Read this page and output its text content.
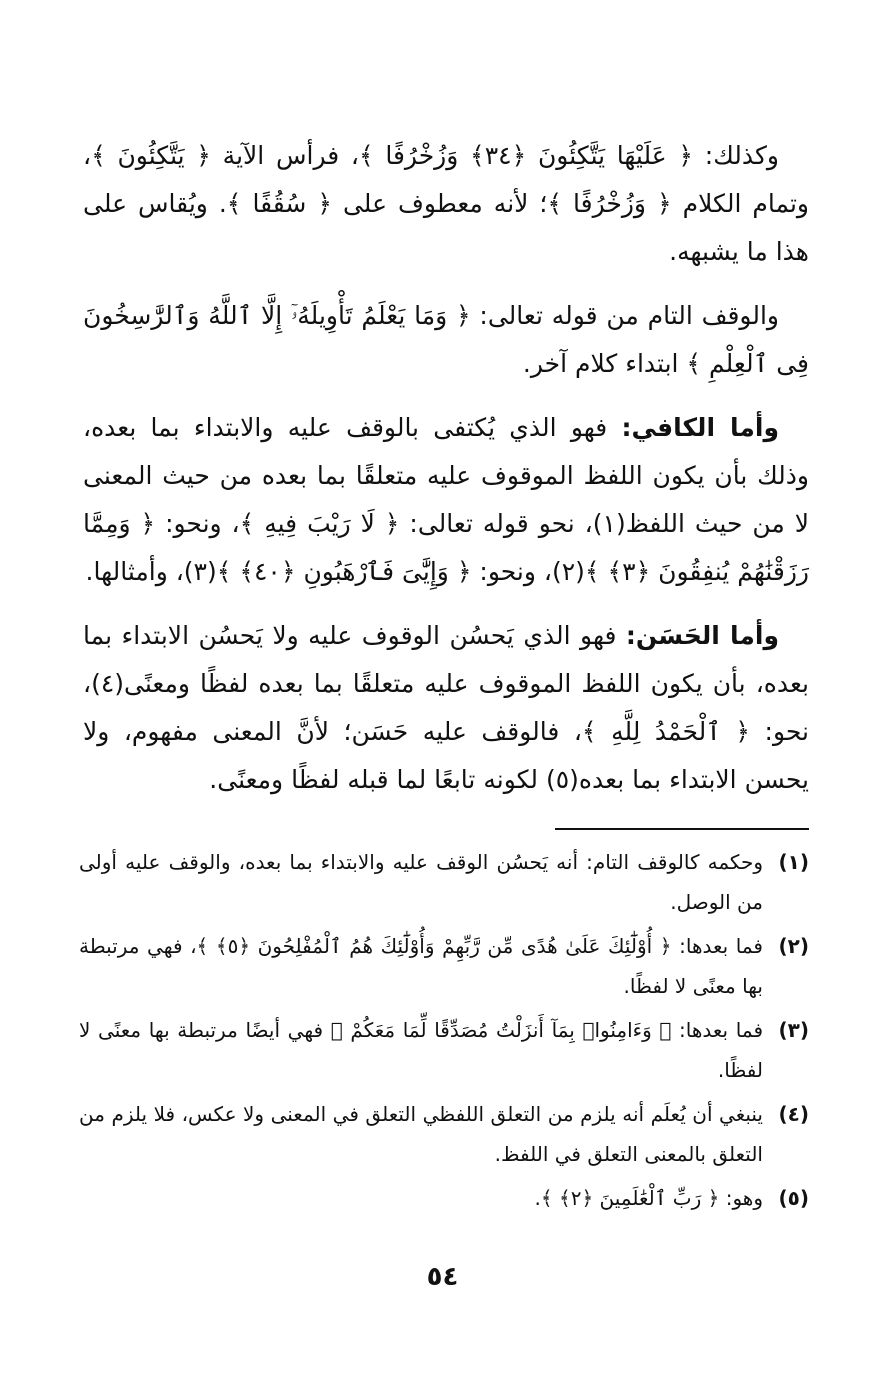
وكذلك: ﴿ عَلَيْهَا يَتَّكِئُونَ ﴿٣٤﴾ وَزُخْرُفًا ﴾، فرأس الآية ﴿ يَتَّكِئُونَ ﴾، وتمام الكلام ﴿ وَزُخْرُفًا ﴾؛ لأنه معطوف على ﴿ سُقُفًا ﴾. ويُقاس على هذا ما يشبهه.

والوقف التام من قوله تعالى: ﴿ وَمَا يَعْلَمُ تَأْوِيلَهُۥٓ إِلَّا ٱللَّهُ وَٱلرَّٰسِخُونَ فِى ٱلْعِلْمِ ﴾ ابتداء كلام آخر.

وأما الكافي: فهو الذي يُكتفى بالوقف عليه والابتداء بما بعده، وذلك بأن يكون اللفظ الموقوف عليه متعلقًا بما بعده من حيث المعنى لا من حيث اللفظ(١)، نحو قوله تعالى: ﴿ لَا رَيْبَ فِيهِ ﴾، ونحو: ﴿ وَمِمَّا رَزَقْنَٰهُمْ يُنفِقُونَ ﴿٣﴾ ﴾(٢)، ونحو: ﴿ وَإِيَّٰىَ فَٱرْهَبُونِ ﴿٤٠﴾ ﴾(٣)، وأمثالها.

وأما الحَسَن: فهو الذي يَحسُن الوقوف عليه ولا يَحسُن الابتداء بما بعده، بأن يكون اللفظ الموقوف عليه متعلقًا بما بعده لفظًا ومعنًى(٤)، نحو: ﴿ ٱلْحَمْدُ لِلَّهِ ﴾، فالوقف عليه حَسَن؛ لأنَّ المعنى مفهوم، ولا يحسن الابتداء بما بعده(٥) لكونه تابعًا لما قبله لفظًا ومعنًى.

(١)
وحكمه كالوقف التام: أنه يَحسُن الوقف عليه والابتداء بما بعده، والوقف عليه أولى من الوصل.
(٢)
فما بعدها: ﴿ أُوْلَٰٓئِكَ عَلَىٰ هُدًى مِّن رَّبِّهِمْ وَأُوْلَٰٓئِكَ هُمُ ٱلْمُفْلِحُونَ ﴿٥﴾ ﴾، فهي مرتبطة بها معنًى لا لفظًا.
(٣)
فما بعدها: ﴿ وَءَامِنُوا۟ بِمَآ أَنزَلْتُ مُصَدِّقًا لِّمَا مَعَكُمْ ﴾ فهي أيضًا مرتبطة بها معنًى لا لفظًا.
(٤)
ينبغي أن يُعلَم أنه يلزم من التعلق اللفظي التعلق في المعنى ولا عكس، فلا يلزم من التعلق بالمعنى التعلق في اللفظ.
(٥)
وهو: ﴿ رَبِّ ٱلْعَٰلَمِينَ ﴿٢﴾ ﴾.
٥٤
